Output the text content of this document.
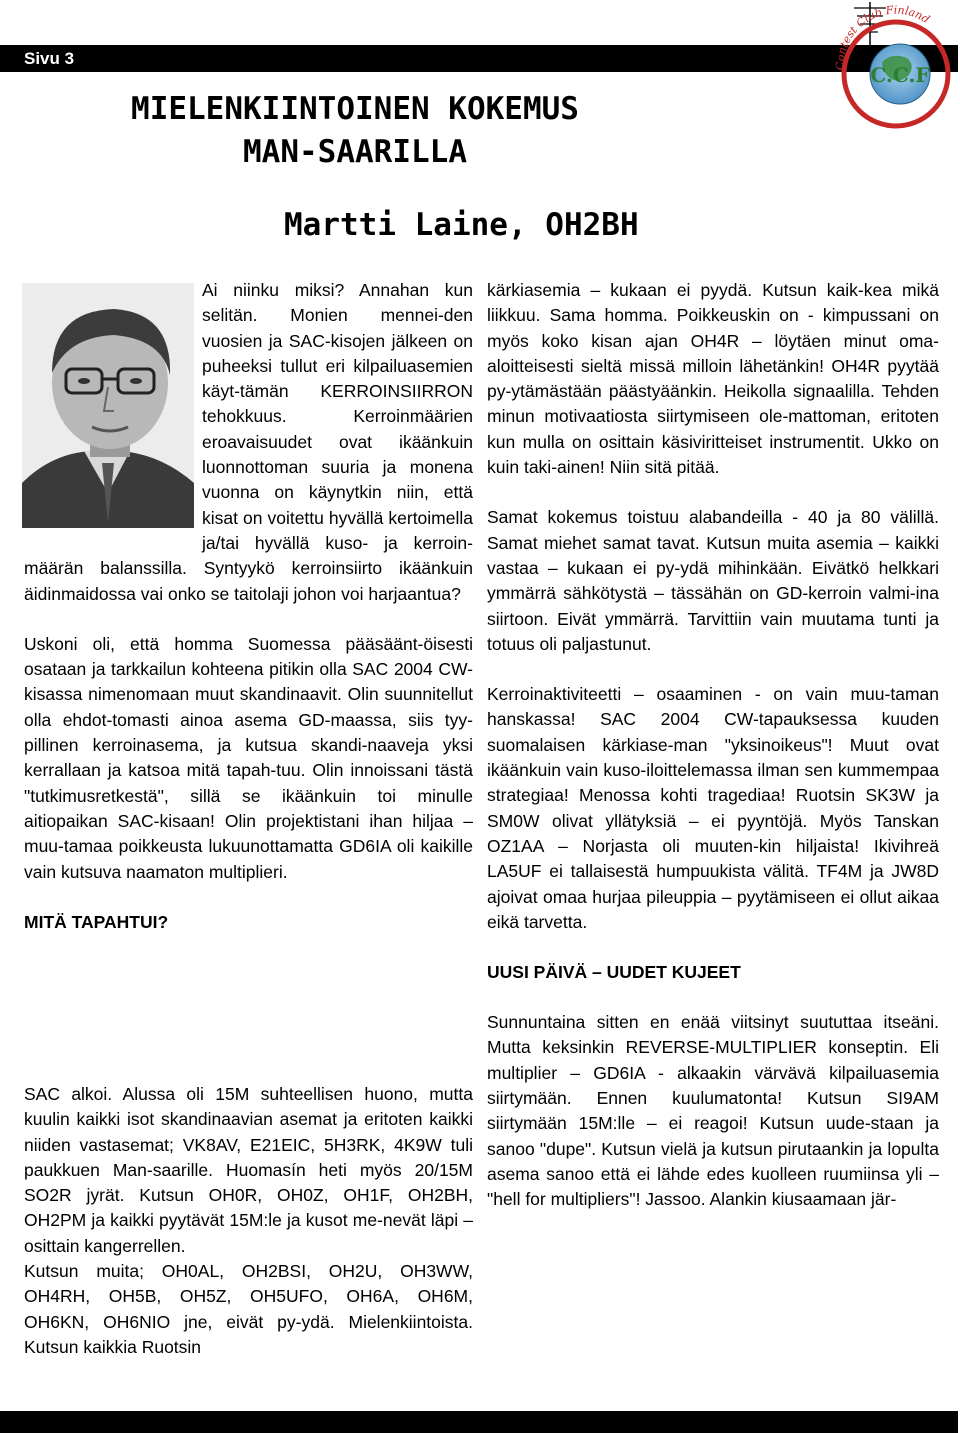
Sivu 3
C.C.F
Contest Club Finland
MIELENKIINTOINEN KOKEMUS
MAN-SAARILLA
Martti Laine, OH2BH

Ai niinku miksi? Annahan kun selitän. Monien mennei-den vuosien ja SAC-kisojen jälkeen on puheeksi tullut eri kilpailuasemien käyt-tämän KERROINSIIRRON tehokkuus. Kerroinmäärien eroavaisuudet ovat ikäänkuin luonnottoman suuria ja monena vuonna on käynytkin niin, että kisat on voitettu hyvällä kertoimella ja/tai hyvällä kuso- ja kerroin-määrän balanssilla. Syntyykö kerroinsiirto ikäänkuin äidinmaidossa vai onko se taitolaji johon voi harjaantua?

Uskoni oli, että homma Suomessa pääsäänt-öisesti osataan ja tarkkailun kohteena pitikin olla SAC 2004 CW-kisassa nimenomaan muut skandinaavit. Olin suunnitellut olla ehdot-tomasti ainoa asema GD-maassa, siis tyy-pillinen kerroinasema, ja kutsua skandi-naaveja yksi kerrallaan ja katsoa mitä tapah-tuu. Olin innoissani tästä "tutkimusretkestä", sillä se ikäänkuin toi minulle aitiopaikan SAC-kisaan! Olin projektistani ihan hiljaa – muu-tamaa poikkeusta lukuunottamatta GD6IA oli kaikille vain kutsuva naamaton multiplieri.

MITÄ TAPAHTUI?

SAC alkoi. Alussa oli 15M suhteellisen huono, mutta kuulin kaikki isot skandinaavian asemat ja eritoten kaikki niiden vastasemat; VK8AV, E21EIC, 5H3RK, 4K9W tuli paukkuen Man-saarille. Huomasín heti myös 20/15M SO2R jyrät. Kutsun OH0R, OH0Z, OH1F, OH2BH, OH2PM ja kaikki pyytävät 15M:le ja kusot me-nevät läpi – osittain kangerrellen.

Kutsun muita; OH0AL, OH2BSI, OH2U, OH3WW, OH4RH, OH5B, OH5Z, OH5UFO, OH6A, OH6M, OH6KN, OH6NIO jne, eivät py-ydä. Mielenkiintoista. Kutsun kaikkia Ruotsin

kärkiasemia – kukaan ei pyydä. Kutsun kaik-kea mikä liikkuu. Sama homma. Poikkeuskin on - kimpussani on myös koko kisan ajan OH4R – löytäen minut oma-aloitteisesti sieltä missä milloin lähetänkin! OH4R pyytää py-ytämästään päästyäänkin. Heikolla signaalilla. Tehden minun motivaatiosta siirtymiseen ole-mattoman, eritoten kun mulla on osittain käsiviritteiset instrumentit. Ukko on kuin taki-ainen! Niin sitä pitää.

Samat kokemus toistuu alabandeilla - 40 ja 80 välillä. Samat miehet samat tavat. Kutsun muita asemia – kaikki vastaa – kukaan ei py-ydä mihinkään. Eivätkö helkkari ymmärrä sähkötystä – tässähän on GD-kerroin valmi-ina siirtoon. Eivät ymmärrä. Tarvittiin vain muutama tunti ja totuus oli paljastunut.

Kerroinaktiviteetti – osaaminen - on vain muu-taman hanskassa! SAC 2004 CW-tapauksessa kuuden suomalaisen kärkiase-man "yksinoikeus"! Muut ovat ikäänkuin vain kuso-iloittelemassa ilman sen kummempaa strategiaa! Menossa kohti tragediaa! Ruotsin SK3W ja SM0W olivat yllätyksiä – ei pyyntöjä. Myös Tanskan OZ1AA – Norjasta oli muuten-kin hiljaista! Ikivihreä LA5UF ei tallaisestä humpuukista välitä. TF4M ja JW8D ajoivat omaa hurjaa pileuppia – pyytämiseen ei ollut aikaa eikä tarvetta.

UUSI PÄIVÄ – UUDET KUJEET

Sunnuntaina sitten en enää viitsinyt suututtaa itseäni. Mutta keksinkin REVERSE-MULTIPLIER konseptin. Eli multiplier – GD6IA - alkaakin värvävä kilpailuasemia siirtymään. Ennen kuulumatonta! Kutsun SI9AM siirtymään 15M:lle – ei reagoi! Kutsun uude-staan ja sanoo "dupe". Kutsun vielä ja kutsun pirutaankin ja lopulta asema sanoo että ei lähde edes kuolleen ruumiinsa yli – "hell for multipliers"! Jassoo. Alankin kiusaamaan jär-
